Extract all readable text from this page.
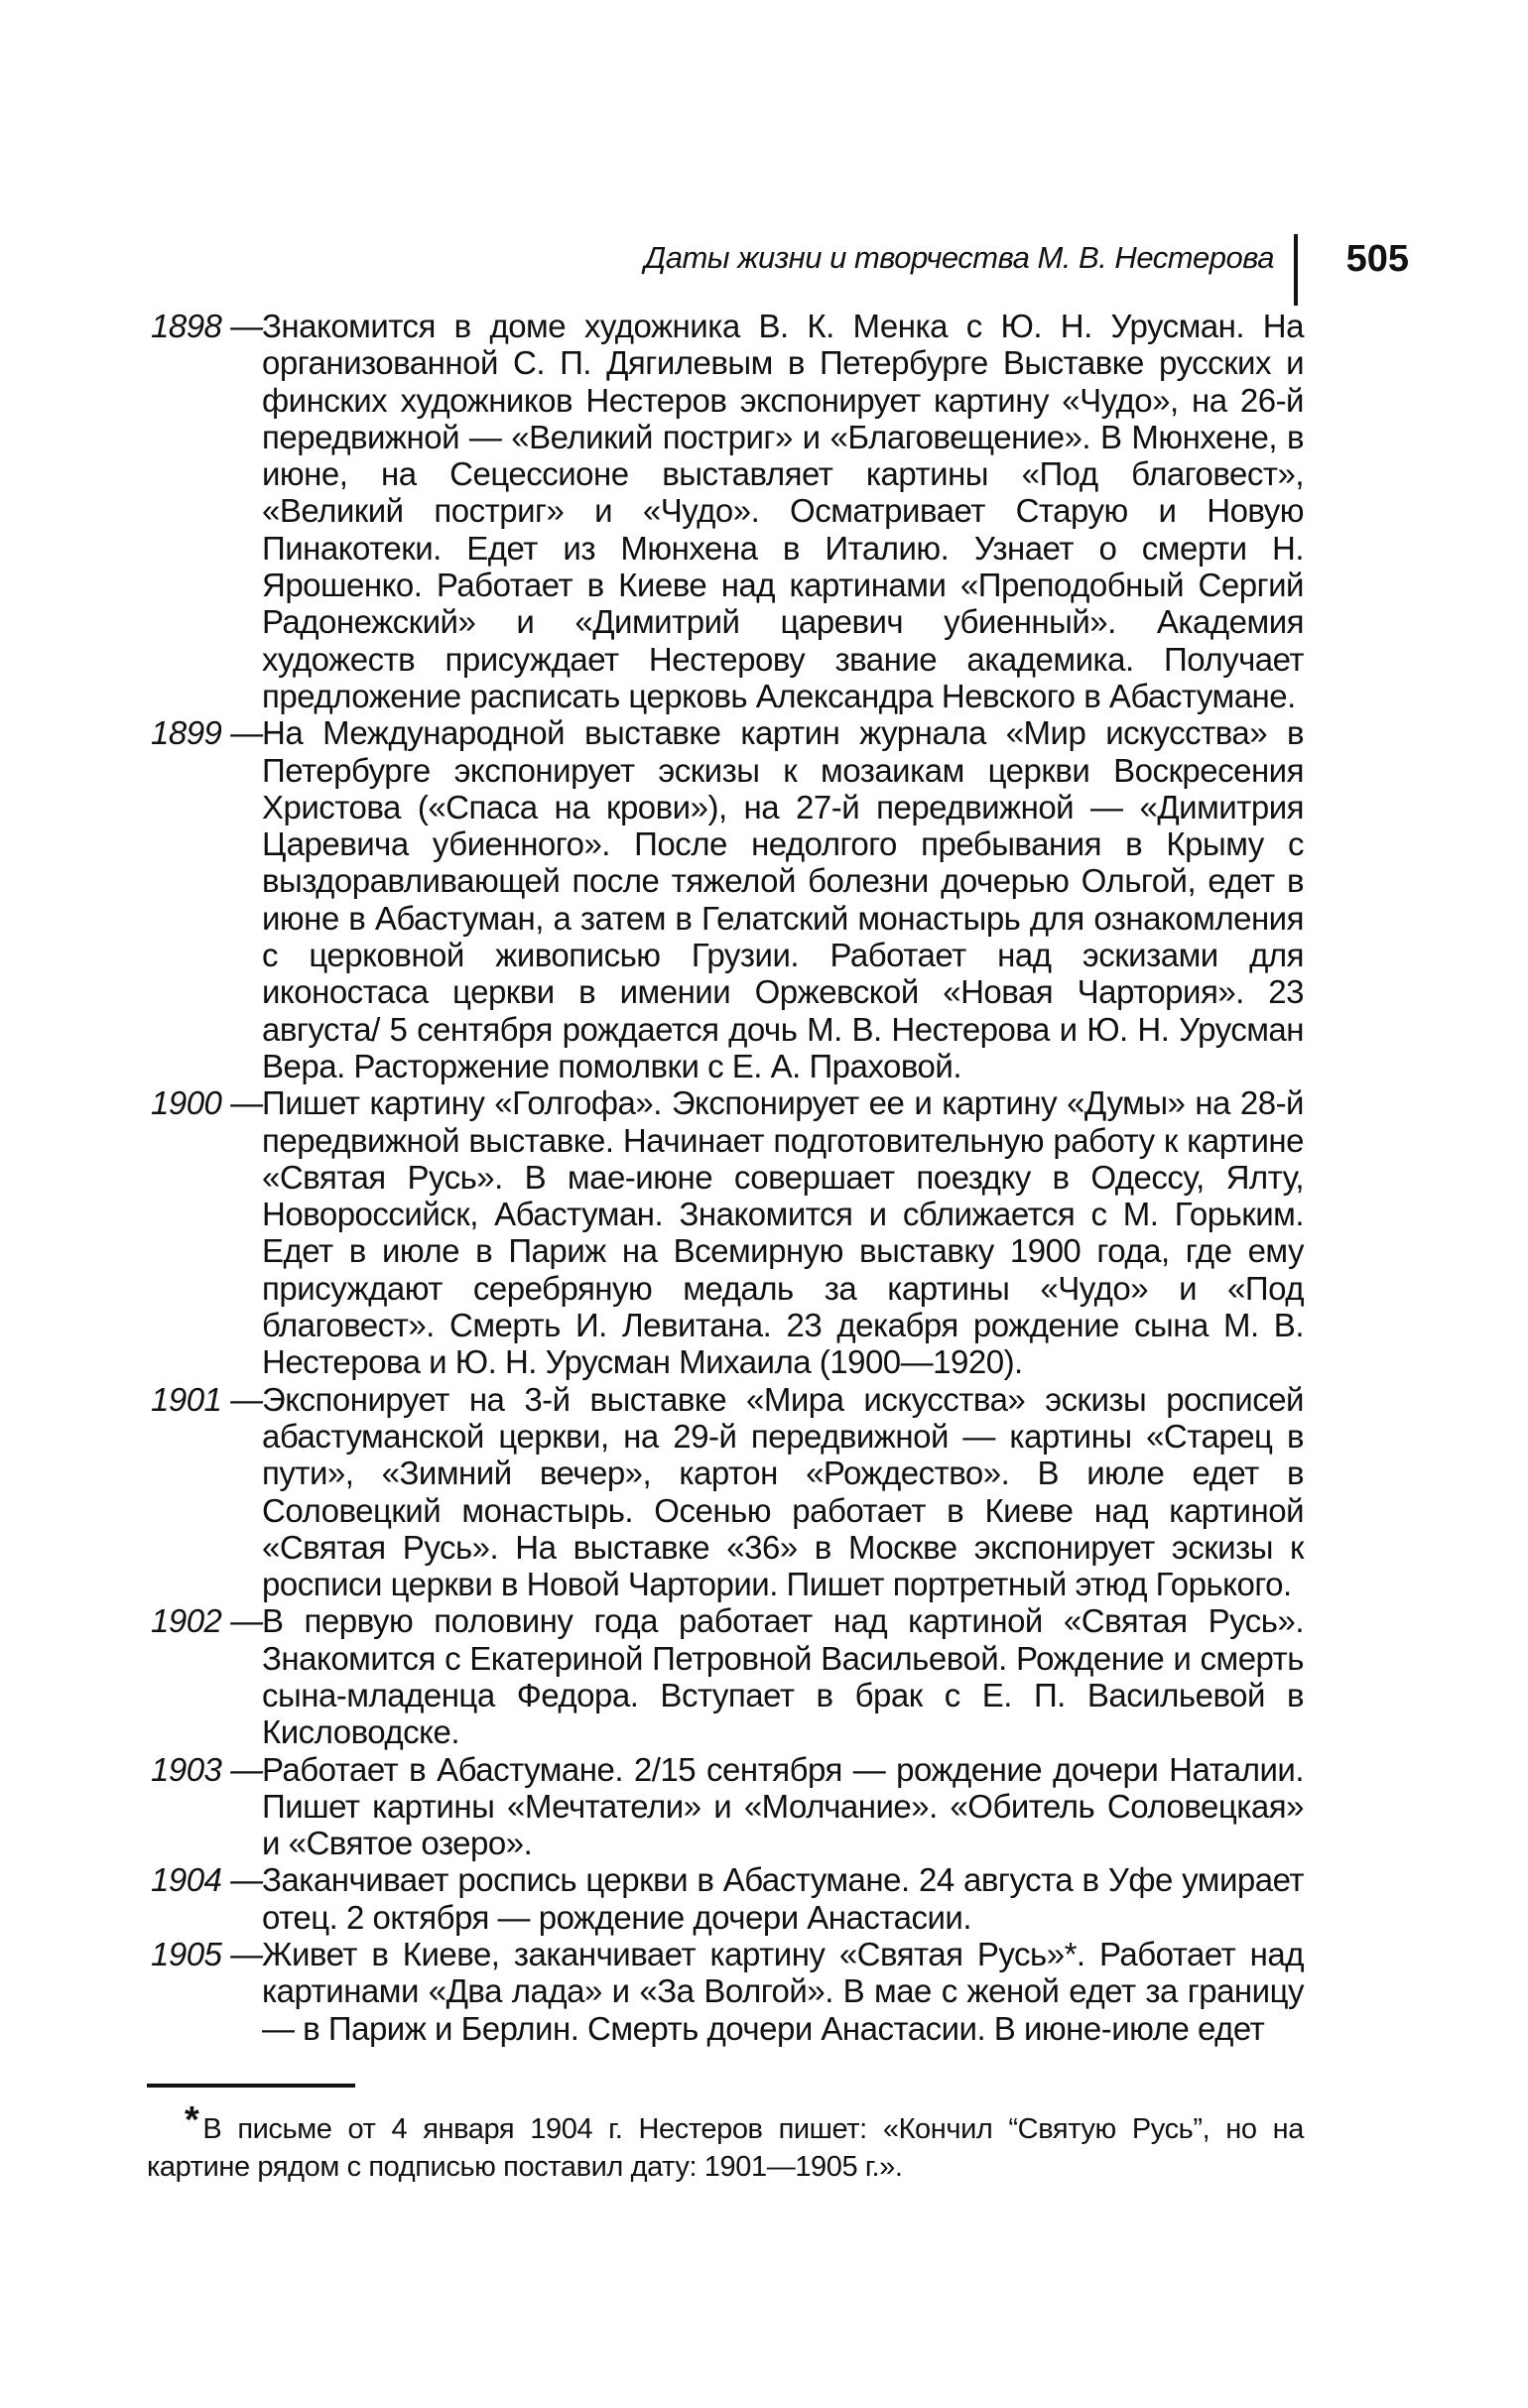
Даты жизни и творчества М. В. Нестерова 505
1898 — Знакомится в доме художника В. К. Менка с Ю. Н. Урусман. На организованной С. П. Дягилевым в Петербурге Выставке русских и финских художников Нестеров экспонирует картину «Чудо», на 26-й передвижной — «Великий постриг» и «Благовещение». В Мюнхене, в июне, на Сецессионе выставляет картины «Под благовест», «Великий постриг» и «Чудо». Осматривает Старую и Новую Пинакотеки. Едет из Мюнхена в Италию. Узнает о смерти Н. Ярошенко. Работает в Киеве над картинами «Преподобный Сергий Радонежский» и «Димитрий царевич убиенный». Академия художеств присуждает Нестерову звание академика. Получает предложение расписать церковь Александра Невского в Абастумане.
1899 — На Международной выставке картин журнала «Мир искусства» в Петербурге экспонирует эскизы к мозаикам церкви Воскресения Христова («Спаса на крови»), на 27-й передвижной — «Димитрия Царевича убиенного». После недолгого пребывания в Крыму с выздоравливающей после тяжелой болезни дочерью Ольгой, едет в июне в Абастуман, а затем в Гелатский монастырь для ознакомления с церковной живописью Грузии. Работает над эскизами для иконостаса церкви в имении Оржевской «Новая Чартория». 23 августа/ 5 сентября рождается дочь М. В. Нестерова и Ю. Н. Урусман Вера. Расторжение помолвки с Е. А. Праховой.
1900 — Пишет картину «Голгофа». Экспонирует ее и картину «Думы» на 28-й передвижной выставке. Начинает подготовительную работу к картине «Святая Русь». В мае-июне совершает поездку в Одессу, Ялту, Новороссийск, Абастуман. Знакомится и сближается с М. Горьким. Едет в июле в Париж на Всемирную выставку 1900 года, где ему присуждают серебряную медаль за картины «Чудо» и «Под благовест». Смерть И. Левитана. 23 декабря рождение сына М. В. Нестерова и Ю. Н. Урусман Михаила (1900—1920).
1901 — Экспонирует на 3-й выставке «Мира искусства» эскизы росписей абастуманской церкви, на 29-й передвижной — картины «Старец в пути», «Зимний вечер», картон «Рождество». В июле едет в Соловецкий монастырь. Осенью работает в Киеве над картиной «Святая Русь». На выставке «36» в Москве экспонирует эскизы к росписи церкви в Новой Чартории. Пишет портретный этюд Горького.
1902 — В первую половину года работает над картиной «Святая Русь». Знакомится с Екатериной Петровной Васильевой. Рождение и смерть сына-младенца Федора. Вступает в брак с Е. П. Васильевой в Кисловодске.
1903 — Работает в Абастумане. 2/15 сентября — рождение дочери Наталии. Пишет картины «Мечтатели» и «Молчание». «Обитель Соловецкая» и «Святое озеро».
1904 — Заканчивает роспись церкви в Абастумане. 24 августа в Уфе умирает отец. 2 октября — рождение дочери Анастасии.
1905 — Живет в Киеве, заканчивает картину «Святая Русь»*. Работает над картинами «Два лада» и «За Волгой». В мае с женой едет за границу — в Париж и Берлин. Смерть дочери Анастасии. В июне-июле едет
* В письме от 4 января 1904 г. Нестеров пишет: «Кончил “Святую Русь”, но на картине рядом с подписью поставил дату: 1901—1905 г.».
